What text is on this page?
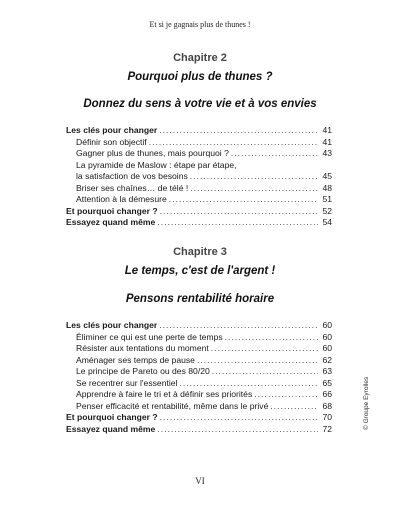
Et si je gagnais plus de thunes !
Chapitre 2
Pourquoi plus de thunes ?
Donnez du sens à votre vie et à vos envies
Les clés pour changer .....	41
Définir son objectif .....	41
Gagner plus de thunes, mais pourquoi ? .....	43
La pyramide de Maslow : étape par étape,
la satisfaction de vos besoins .....	45
Briser ses chaînes… de télé ! .....	48
Attention à la démesure .....	51
Et pourquoi changer ? .....	52
Essayez quand même .....	54
Chapitre 3
Le temps, c'est de l'argent !
Pensons rentabilité horaire
Les clés pour changer .....	60
Éliminer ce qui est une perte de temps .....	60
Résister aux tentations du moment .....	60
Aménager ses temps de pause .....	62
Le principe de Pareto ou des 80/20 .....	63
Se recentrer sur l'essentiel .....	65
Apprendre à faire le tri et à définir ses priorités .....	66
Penser efficacité et rentabilité, même dans le privé .....	68
Et pourquoi changer ? .....	70
Essayez quand même .....	72	© Groupe Eyrolles
VI
